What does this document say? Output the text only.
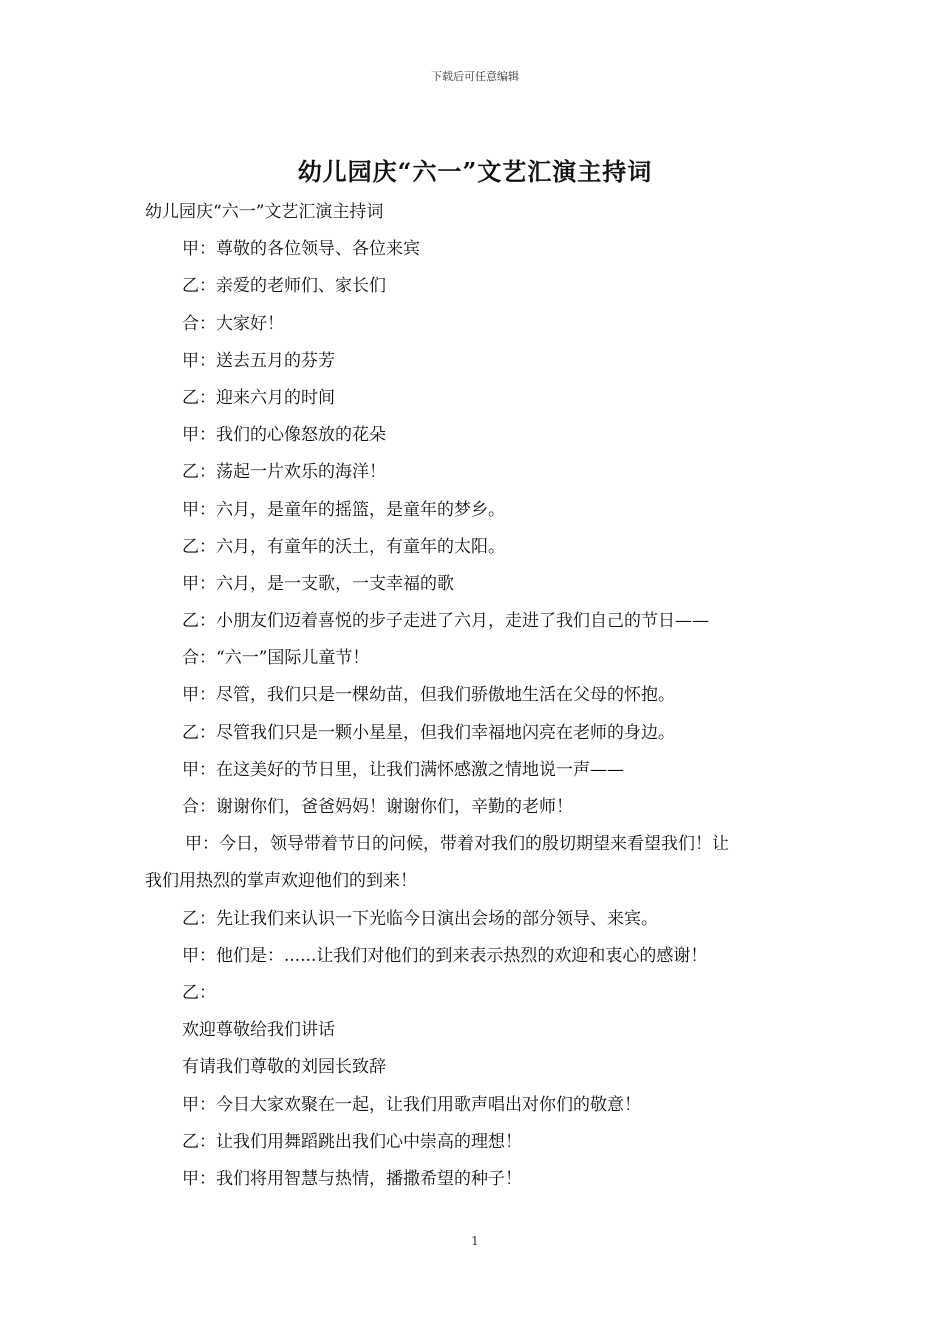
下载后可任意编辑
幼儿园庆“六一”文艺汇演主持词

幼儿园庆“六一”文艺汇演主持词

甲：尊敬的各位领导、各位来宾

乙：亲爱的老师们、家长们

合：大家好！

甲：送去五月的芬芳

乙：迎来六月的时间

甲：我们的心像怒放的花朵

乙：荡起一片欢乐的海洋！

甲：六月，是童年的摇篮，是童年的梦乡。

乙：六月，有童年的沃土，有童年的太阳。

甲：六月，是一支歌，一支幸福的歌

乙：小朋友们迈着喜悦的步子走进了六月，走进了我们自己的节日——

合：“六一”国际儿童节！

甲：尽管，我们只是一棵幼苗，但我们骄傲地生活在父母的怀抱。

乙：尽管我们只是一颗小星星，但我们幸福地闪亮在老师的身边。

甲：在这美好的节日里，让我们满怀感激之情地说一声——

合：谢谢你们，爸爸妈妈！谢谢你们，辛勤的老师！

甲：今日，领导带着节日的问候，带着对我们的殷切期望来看望我们！让

我们用热烈的掌声欢迎他们的到来！

乙：先让我们来认识一下光临今日演出会场的部分领导、来宾。

甲：他们是：......让我们对他们的到来表示热烈的欢迎和衷心的感谢！

乙：

欢迎尊敬给我们讲话

有请我们尊敬的刘园长致辞

甲：今日大家欢聚在一起，让我们用歌声唱出对你们的敬意！

乙：让我们用舞蹈跳出我们心中崇高的理想！

甲：我们将用智慧与热情，播撒希望的种子！

1
